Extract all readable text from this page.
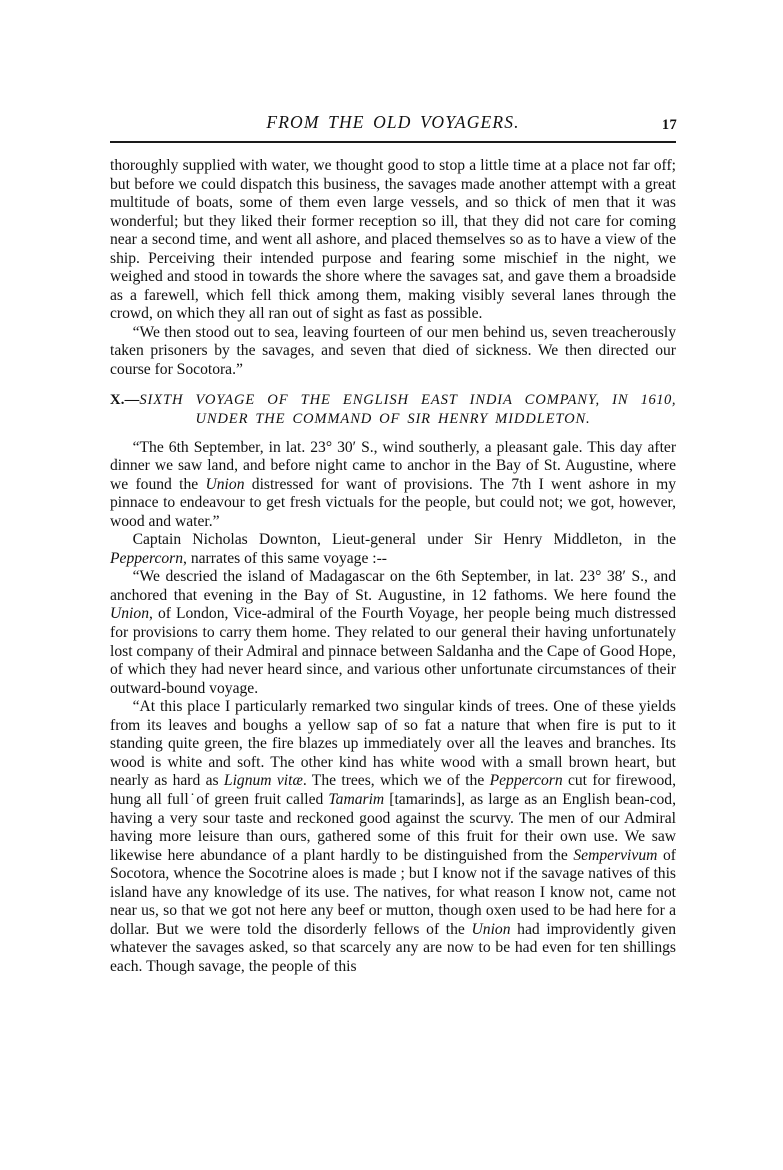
FROM THE OLD VOYAGERS.	17

thoroughly supplied with water, we thought good to stop a little time at a place not far off; but before we could dispatch this business, the savages made another attempt with a great multitude of boats, some of them even large vessels, and so thick of men that it was wonderful; but they liked their former reception so ill, that they did not care for coming near a second time, and went all ashore, and placed themselves so as to have a view of the ship. Perceiving their intended purpose and fearing some mischief in the night, we weighed and stood in towards the shore where the savages sat, and gave them a broadside as a farewell, which fell thick among them, making visibly several lanes through the crowd, on which they all ran out of sight as fast as possible.

“We then stood out to sea, leaving fourteen of our men behind us, seven treacherously taken prisoners by the savages, and seven that died of sickness. We then directed our course for Socotora.”

X.—SIXTH VOYAGE OF THE ENGLISH EAST INDIA COMPANY, IN 1610,
UNDER THE COMMAND OF SIR HENRY MIDDLETON.

“The 6th September, in lat. 23° 30′ S., wind southerly, a pleasant gale. This day after dinner we saw land, and before night came to anchor in the Bay of St. Augustine, where we found the Union distressed for want of provisions. The 7th I went ashore in my pinnace to endeavour to get fresh victuals for the people, but could not; we got, however, wood and water.”

Captain Nicholas Downton, Lieut-general under Sir Henry Middleton, in the Peppercorn, narrates of this same voyage :--

“We descried the island of Madagascar on the 6th September, in lat. 23° 38′ S., and anchored that evening in the Bay of St. Augustine, in 12 fathoms. We here found the Union, of London, Vice-admiral of the Fourth Voyage, her people being much distressed for provisions to carry them home. They related to our general their having unfortunately lost company of their Admiral and pinnace between Saldanha and the Cape of Good Hope, of which they had never heard since, and various other unfortunate circumstances of their outward-bound voyage.

“At this place I particularly remarked two singular kinds of trees. One of these yields from its leaves and boughs a yellow sap of so fat a nature that when fire is put to it standing quite green, the fire blazes up immediately over all the leaves and branches. Its wood is white and soft. The other kind has white wood with a small brown heart, but nearly as hard as Lignum vitæ. The trees, which we of the Peppercorn cut for firewood, hung all full˙of green fruit called Tamarim [tamarinds], as large as an English bean-cod, having a very sour taste and reckoned good against the scurvy. The men of our Admiral having more leisure than ours, gathered some of this fruit for their own use. We saw likewise here abundance of a plant hardly to be distinguished from the Sempervivum of Socotora, whence the Socotrine aloes is made ; but I know not if the savage natives of this island have any knowledge of its use. The natives, for what reason I know not, came not near us, so that we got not here any beef or mutton, though oxen used to be had here for a dollar. But we were told the disorderly fellows of the Union had improvidently given whatever the savages asked, so that scarcely any are now to be had even for ten shillings each. Though savage, the people of this
